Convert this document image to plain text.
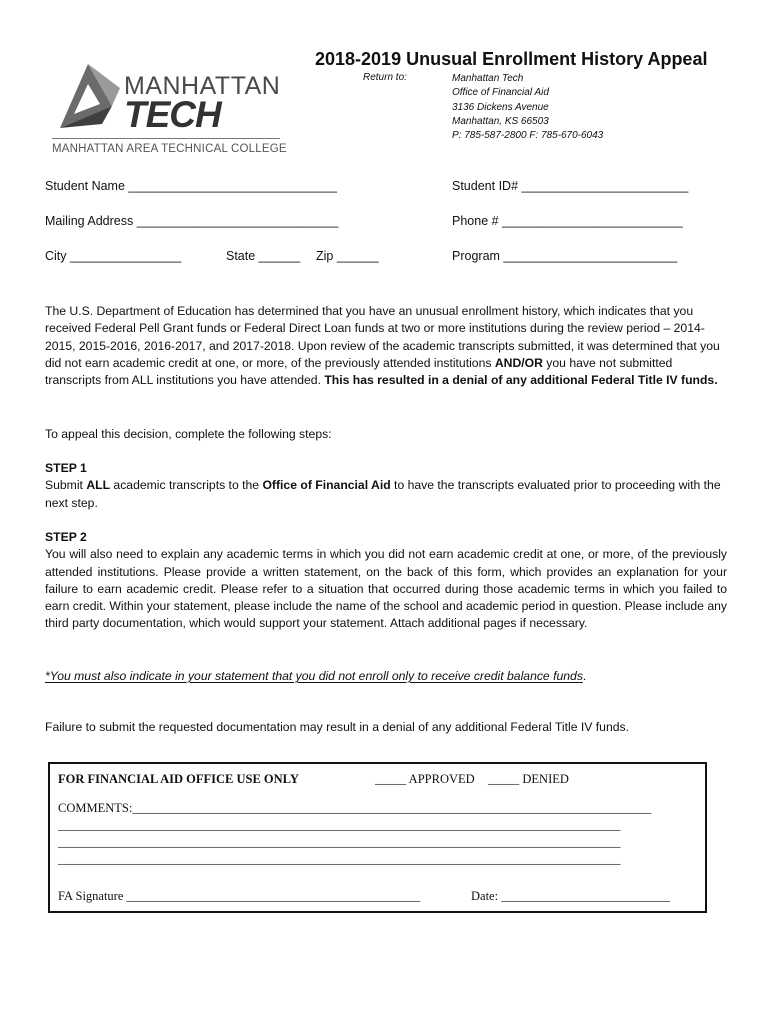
MANHATTAN
TECH
MANHATTAN AREA TECHNICAL COLLEGE
2018-2019 Unusual Enrollment History Appeal
Return to:	Manhattan Tech
Office of Financial Aid
3136 Dickens Avenue
Manhattan, KS 66503
P: 785-587-2800 F: 785-670-6043
Student Name ______________________________	Student ID# ________________________
Mailing Address _____________________________	Phone # __________________________
City ________________	State ______ Zip ______	Program _________________________

The U.S. Department of Education has determined that you have an unusual enrollment history, which indicates that you received Federal Pell Grant funds or Federal Direct Loan funds at two or more institutions during the review period – 2014-2015, 2015-2016, 2016-2017, and 2017-2018. Upon review of the academic transcripts submitted, it was determined that you did not earn academic credit at one, or more, of the previously attended institutions AND/OR you have not submitted transcripts from ALL institutions you have attended. This has resulted in a denial of any additional Federal Title IV funds.

To appeal this decision, complete the following steps:

STEP 1

Submit ALL academic transcripts to the Office of Financial Aid to have the transcripts evaluated prior to proceeding with the next step.

STEP 2

You will also need to explain any academic terms in which you did not earn academic credit at one, or more, of the previously attended institutions. Please provide a written statement, on the back of this form, which provides an explanation for your failure to earn academic credit. Please refer to a situation that occurred during those academic terms in which you failed to earn credit. Within your statement, please include the name of the school and academic period in question. Please include any third party documentation, which would support your statement. Attach additional pages if necessary.

*You must also indicate in your statement that you did not enroll only to receive credit balance funds.
Failure to submit the requested documentation may result in a denial of any additional Federal Title IV funds.
FOR FINANCIAL AID OFFICE USE ONLY	_____ APPROVED _____ DENIED
COMMENTS:___________________________________________________________________________________
__________________________________________________________________________________________
__________________________________________________________________________________________
__________________________________________________________________________________________
FA Signature _______________________________________________	Date: ___________________________
